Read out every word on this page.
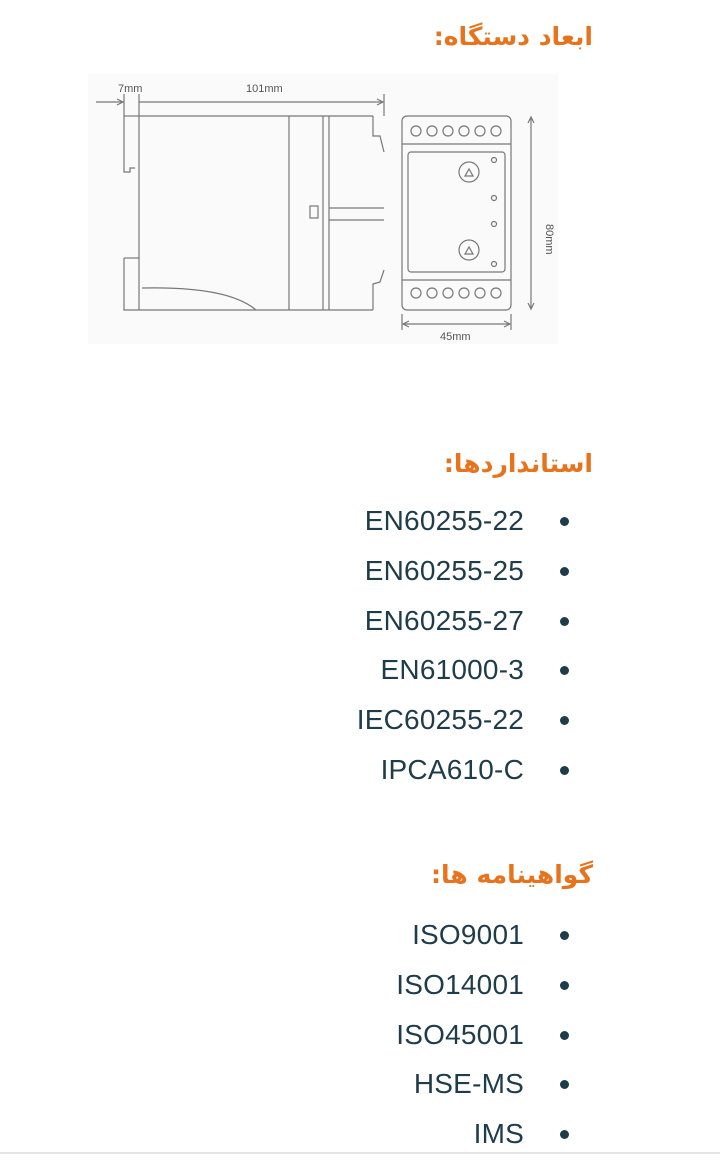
ابعاد دستگاه:
7mm	101mm
80mm
45mm
استانداردها:
EN60255-22
EN60255-25
EN60255-27
EN61000-3
IEC60255-22
IPCA610-C
گواهینامه ها:
ISO9001
ISO14001
ISO45001
HSE-MS
IMS
